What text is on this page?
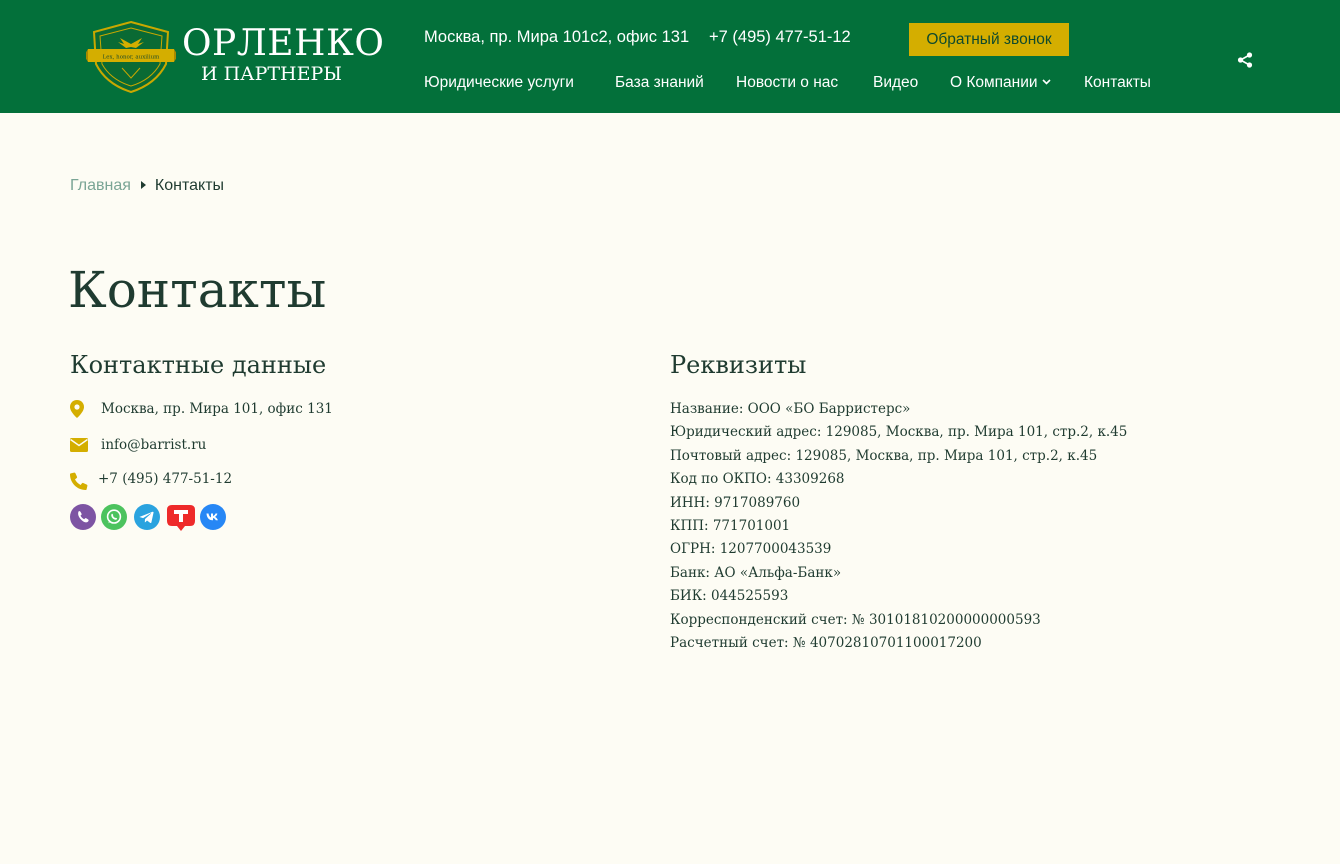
Lex, honor, auxilium ОРЛЕНКО
И ПАРТНЕРЫ
Москва, пр. Мира 101с2, офис 131 +7 (495) 477-51-12	Обратный звонок
Юридические услуги	База знаний Новости о нас Видео О Компании	Контакты
Главная Контакты
Контакты
Контактные данные
Москва, пр. Мира 101, офис 131
info@barrist.ru
+7 (495) 477-51-12
Реквизиты
Название: ООО «БО Барристерс»
Юридический адрес: 129085, Москва, пр. Мира 101, стр.2, к.45
Почтовый адрес: 129085, Москва, пр. Мира 101, стр.2, к.45
Код по ОКПО: 43309268
ИНН: 9717089760
КПП: 771701001
ОГРН: 1207700043539
Банк: АО «Альфа-Банк»
БИК: 044525593
Корреспонденский счет: № 30101810200000000593
Расчетный счет: № 40702810701100017200
